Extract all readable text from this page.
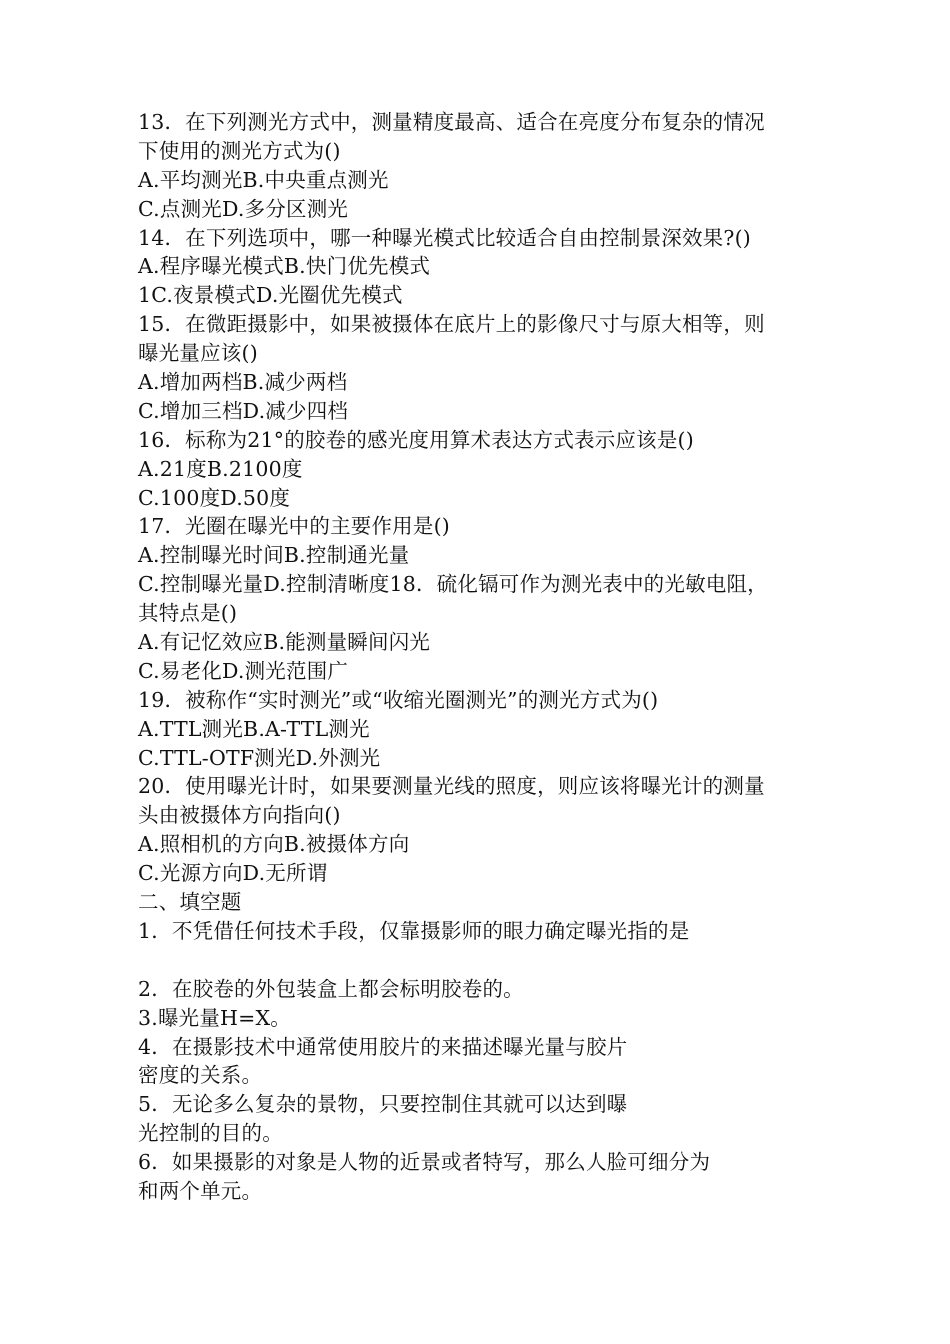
13．在下列测光方式中，测量精度最高、适合在亮度分布复杂的情况
下使用的测光方式为()
A.平均测光B.中央重点测光
C.点测光D.多分区测光
14．在下列选项中，哪一种曝光模式比较适合自由控制景深效果?()
A.程序曝光模式B.快门优先模式
1C.夜景模式D.光圈优先模式
15．在微距摄影中，如果被摄体在底片上的影像尺寸与原大相等，则
曝光量应该()
A.增加两档B.减少两档
C.增加三档D.减少四档
16．标称为21°的胶卷的感光度用算术表达方式表示应该是()
A.21度B.2100度
C.100度D.50度
17．光圈在曝光中的主要作用是()
A.控制曝光时间B.控制通光量
C.控制曝光量D.控制清晰度18．硫化镉可作为测光表中的光敏电阻，
其特点是()
A.有记忆效应B.能测量瞬间闪光
C.易老化D.测光范围广
19．被称作“实时测光”或“收缩光圈测光”的测光方式为()
A.TTL测光B.A-TTL测光
C.TTL-OTF测光D.外测光
20．使用曝光计时，如果要测量光线的照度，则应该将曝光计的测量
头由被摄体方向指向()
A.照相机的方向B.被摄体方向
C.光源方向D.无所谓
二、填空题
1．不凭借任何技术手段，仅靠摄影师的眼力确定曝光指的是
2．在胶卷的外包装盒上都会标明胶卷的。
3.曝光量H=X。
4．在摄影技术中通常使用胶片的来描述曝光量与胶片
密度的关系。
5．无论多么复杂的景物，只要控制住其就可以达到曝
光控制的目的。
6．如果摄影的对象是人物的近景或者特写，那么人脸可细分为
和两个单元。
